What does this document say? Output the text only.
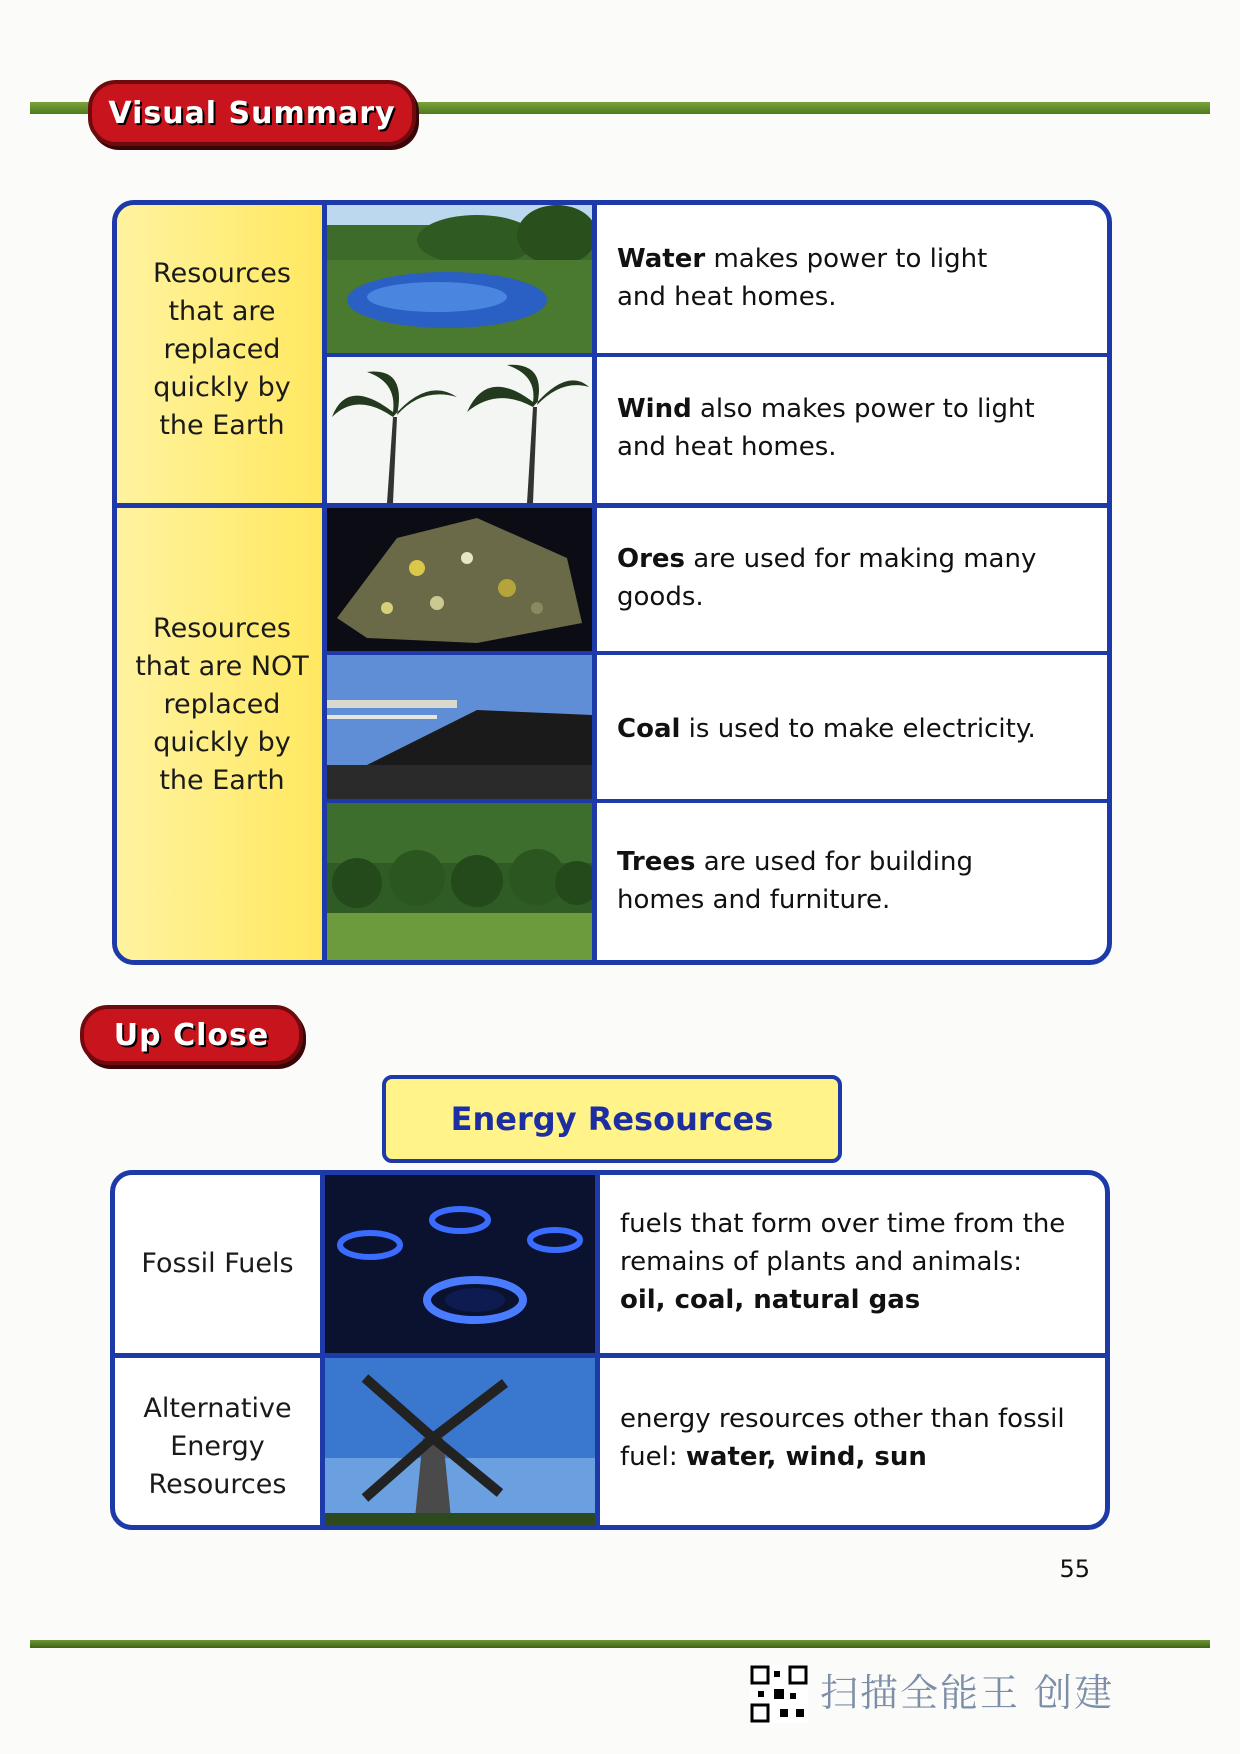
Visual Summary
Resources that are replaced quickly by the Earth
Resources that are NOT replaced quickly by the Earth
Water makes power to light and heat homes.
Wind also makes power to light and heat homes.
Ores are used for making many goods.
Coal is used to make electricity.
Trees are used for building homes and furniture.
Up Close
Energy Resources
Fossil Fuels
Alternative Energy Resources
fuels that form over time from the remains of plants and animals:
oil, coal, natural gas
energy resources other than fossil fuel: water, wind, sun
55
扫描全能王 创建
